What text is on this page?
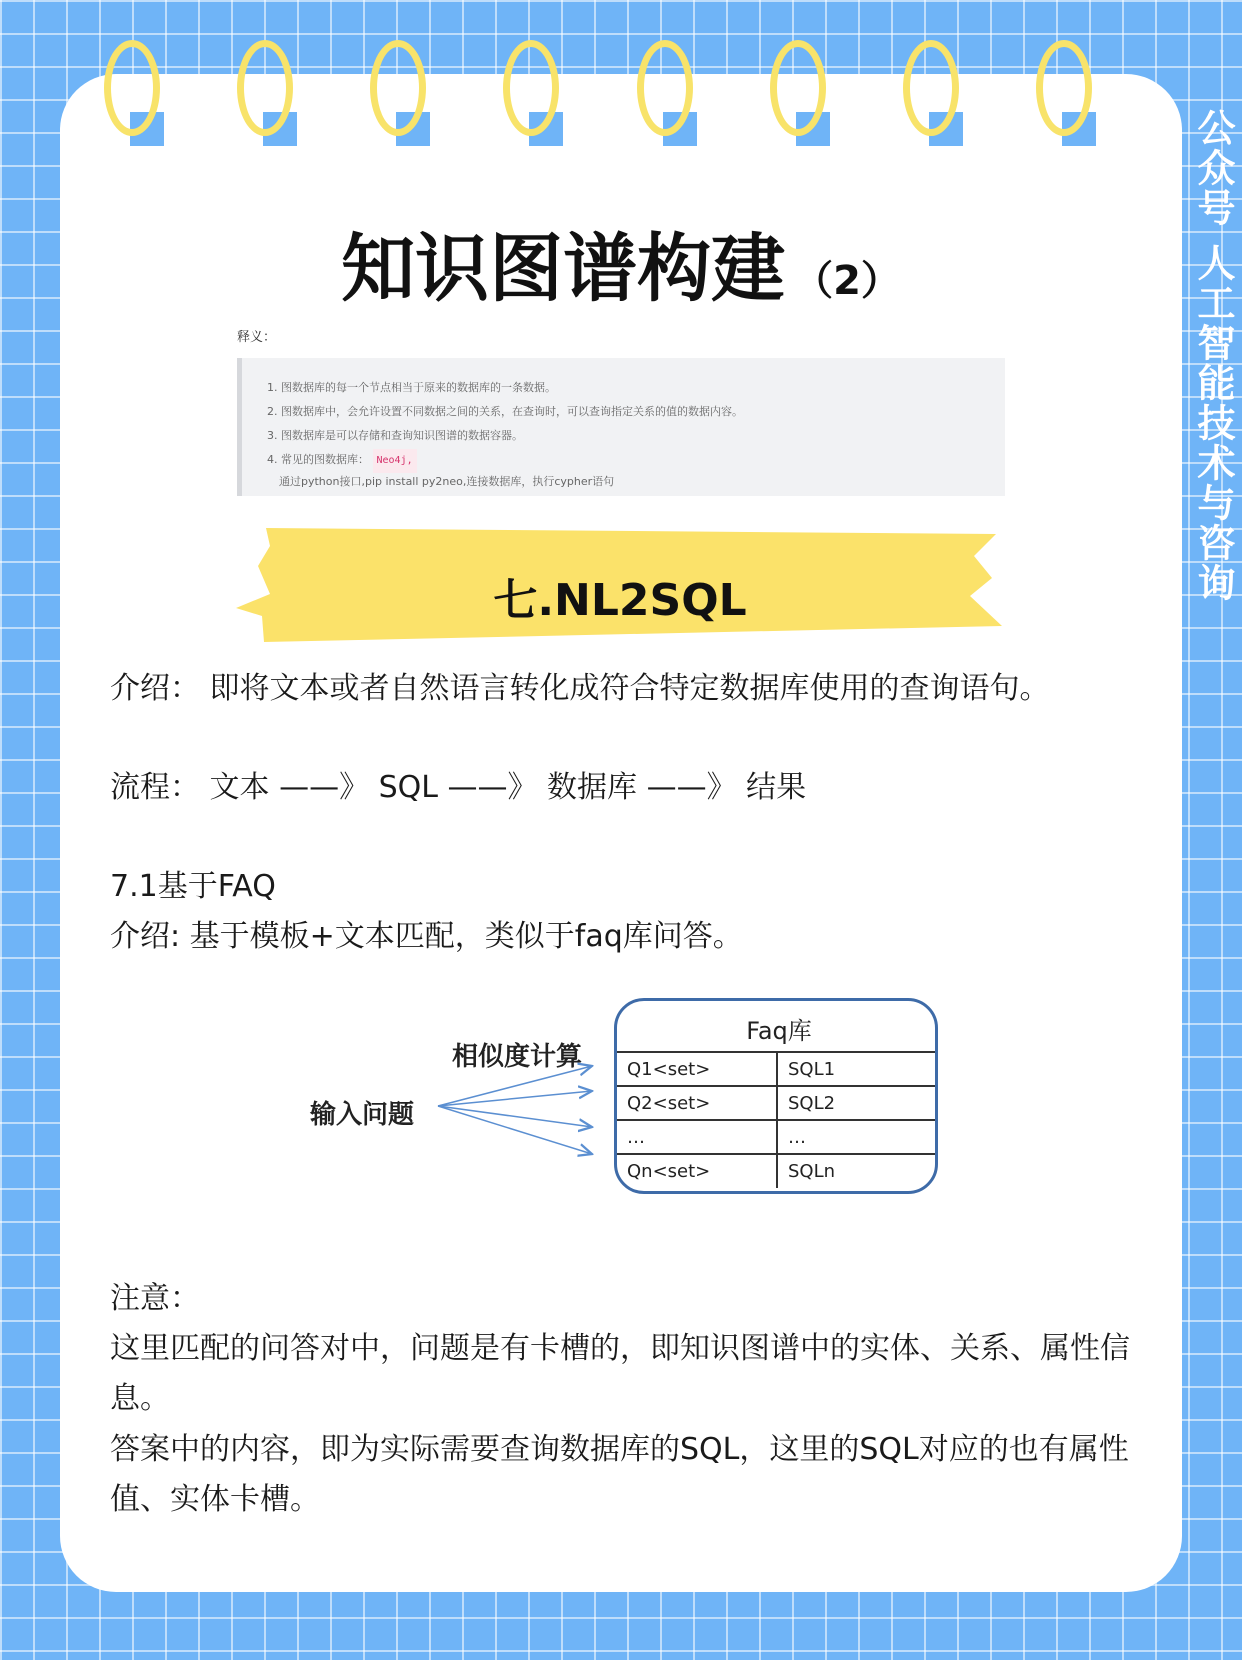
公众号 人工智能技术与咨询
知识图谱构建 （2）
释义：
1. 图数据库的每一个节点相当于原来的数据库的一条数据。
2. 图数据库中，会允许设置不同数据之间的关系，在查询时，可以查询指定关系的值的数据内容。
3. 图数据库是可以存储和查询知识图谱的数据容器。
4. 常见的图数据库： Neo4j,
通过python接口,pip install py2neo,连接数据库，执行cypher语句
七.NL2SQL
介绍： 即将文本或者自然语言转化成符合特定数据库使用的查询语句。
流程： 文本 ——》 SQL ——》 数据库 ——》 结果
7.1基于FAQ
介绍: 基于模板+文本匹配，类似于faq库问答。
输入问题
相似度计算
Faq库
Q1<set>	SQL1
Q2<set>	SQL2
…	…
Qn<set>	SQLn
注意：
这里匹配的问答对中，问题是有卡槽的，即知识图谱中的实体、关系、属性信息。
答案中的内容，即为实际需要查询数据库的SQL，这里的SQL对应的也有属性值、实体卡槽。
